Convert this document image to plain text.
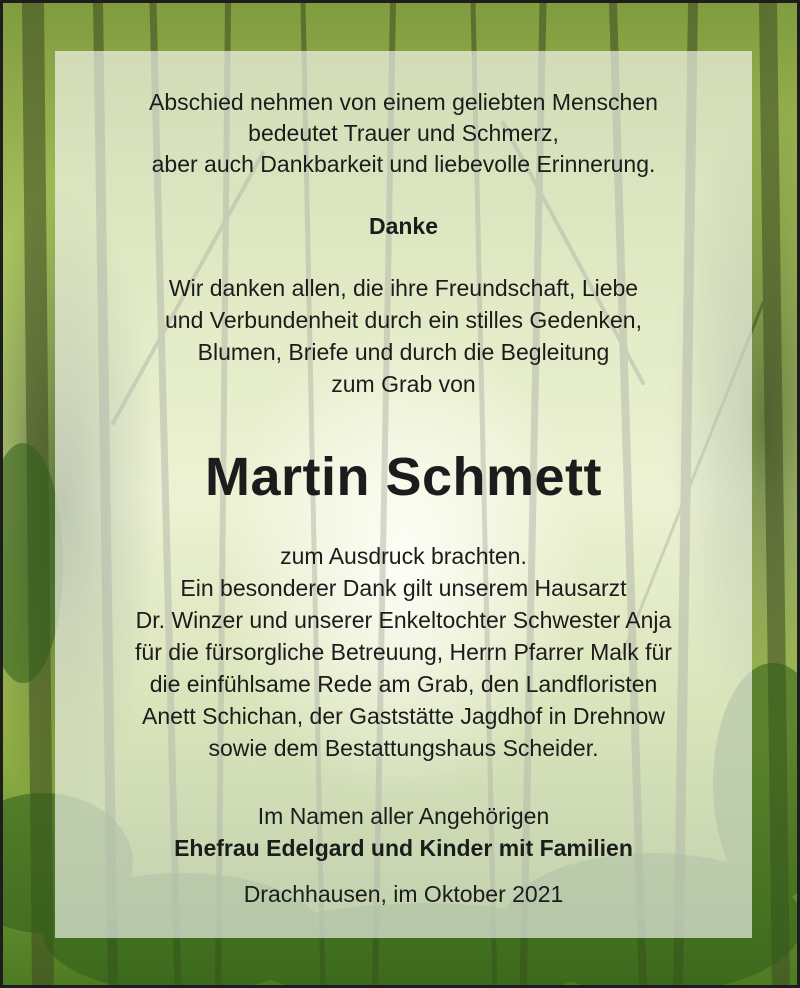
Abschied nehmen von einem geliebten Menschen

bedeutet Trauer und Schmerz,

aber auch Dankbarkeit und liebevolle Erinnerung.

Danke

Wir danken allen, die ihre Freundschaft, Liebe

und Verbundenheit durch ein stilles Gedenken,

Blumen, Briefe und durch die Begleitung

zum Grab von

Martin Schmett

zum Ausdruck brachten.

Ein besonderer Dank gilt unserem Hausarzt

Dr. Winzer und unserer Enkeltochter Schwester Anja

für die fürsorgliche Betreuung, Herrn Pfarrer Malk für

die einfühlsame Rede am Grab, den Landfloristen

Anett Schichan, der Gaststätte Jagdhof in Drehnow

sowie dem Bestattungshaus Scheider.

Im Namen aller Angehörigen

Ehefrau Edelgard und Kinder mit Familien

Drachhausen, im Oktober 2021
